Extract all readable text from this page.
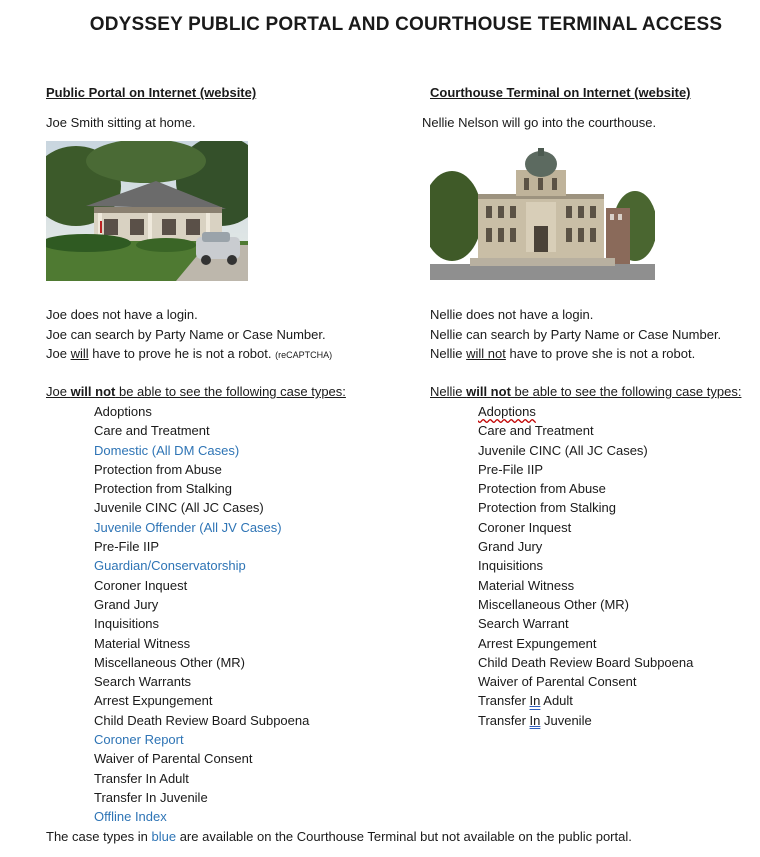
ODYSSEY PUBLIC PORTAL AND COURTHOUSE TERMINAL ACCESS
Public Portal on Internet (website)
Joe Smith sitting at home.
Joe does not have a login.
Joe can search by Party Name or Case Number.
Joe will have to prove he is not a robot. (reCAPTCHA)
Joe will not be able to see the following case types:
Adoptions
Care and Treatment
Domestic (All DM Cases)
Protection from Abuse
Protection from Stalking
Juvenile CINC (All JC Cases)
Juvenile Offender (All JV Cases)
Pre-File IIP
Guardian/Conservatorship
Coroner Inquest
Grand Jury
Inquisitions
Material Witness
Miscellaneous Other (MR)
Search Warrants
Arrest Expungement
Child Death Review Board Subpoena
Coroner Report
Waiver of Parental Consent
Transfer In Adult
Transfer In Juvenile
Offline Index
Courthouse Terminal on Internet (website)
Nellie Nelson will go into the courthouse.
Nellie does not have a login.
Nellie can search by Party Name or Case Number.
Nellie will not have to prove she is not a robot.
Nellie will not be able to see the following case types:
Adoptions
Care and Treatment
Juvenile CINC (All JC Cases)
Pre-File IIP
Protection from Abuse
Protection from Stalking
Coroner Inquest
Grand Jury
Inquisitions
Material Witness
Miscellaneous Other (MR)
Search Warrant
Arrest Expungement
Child Death Review Board Subpoena
Waiver of Parental Consent
Transfer In Adult
Transfer In Juvenile
The case types in blue are available on the Courthouse Terminal but not available on the public portal.
